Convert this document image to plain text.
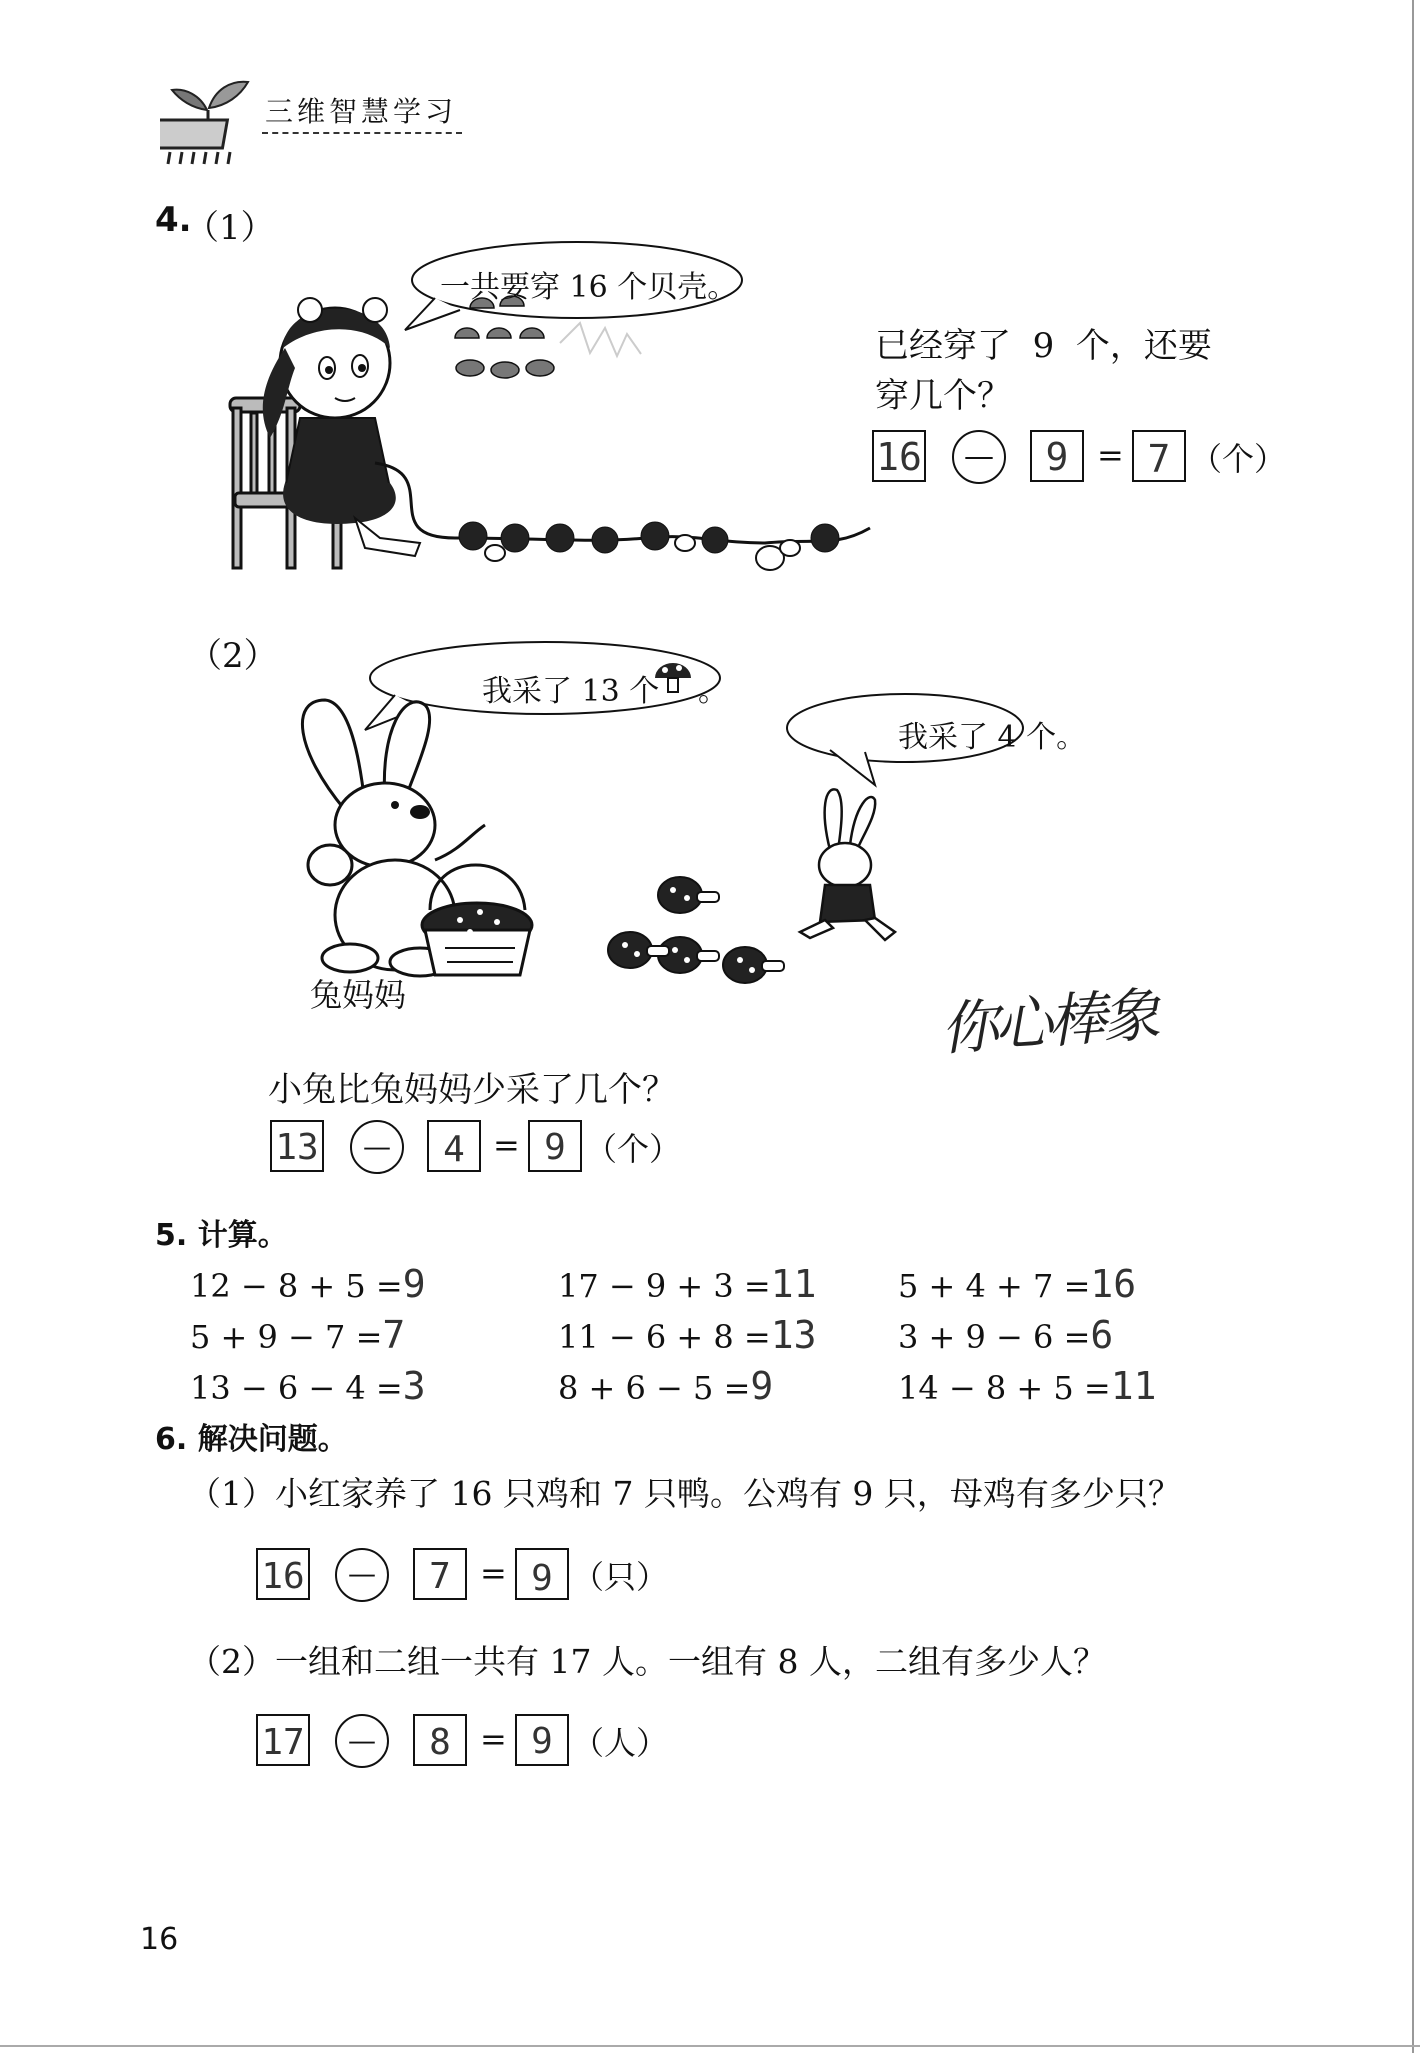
三维智慧学习
4.
（1）
一共要穿 16 个贝壳。
已经穿了  9  个，还要
穿几个？
16	—	9 = 7 （个）
（2）
我采了 13 个 。
我采了 4 个。
兔妈妈	你心棒象
小兔比兔妈妈少采了几个？
13	—	4 = 9 （个）
5. 计算。
12 − 8 + 5 =9	17 − 9 + 3 =11	5 + 4 + 7 =16
5 + 9 − 7 =7	11 − 6 + 8 =13	3 + 9 − 6 =6
13 − 6 − 4 =3	8 + 6 − 5 =9	14 − 8 + 5 =11
6. 解决问题。
（1）小红家养了 16 只鸡和 7 只鸭。公鸡有 9 只，母鸡有多少只？
16	—	7 = 9 （只）
（2）一组和二组一共有 17 人。一组有 8 人，二组有多少人？
17	—	8 = 9 （人）
16
